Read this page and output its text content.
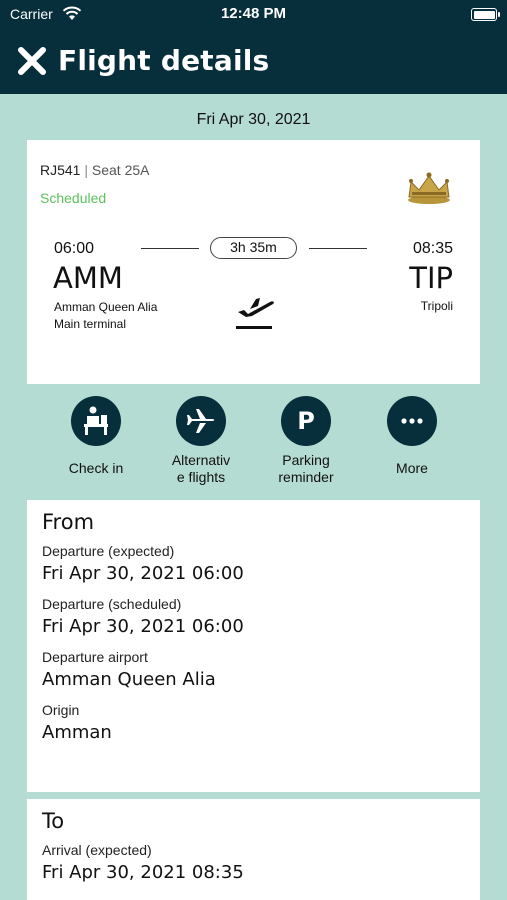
Carrier	12:48 PM
Flight details
Fri Apr 30, 2021
RJ541 | Seat 25A
Scheduled
06:00	3h 35m	08:35
AMM	TIP
Amman Queen Alia
Main terminal
Tripoli
Check in	Alternativ
e flights
P
Parking
reminder
More
From
Departure (expected)
Fri Apr 30, 2021 06:00
Departure (scheduled)
Fri Apr 30, 2021 06:00
Departure airport
Amman Queen Alia
Origin
Amman
To
Arrival (expected)
Fri Apr 30, 2021 08:35
